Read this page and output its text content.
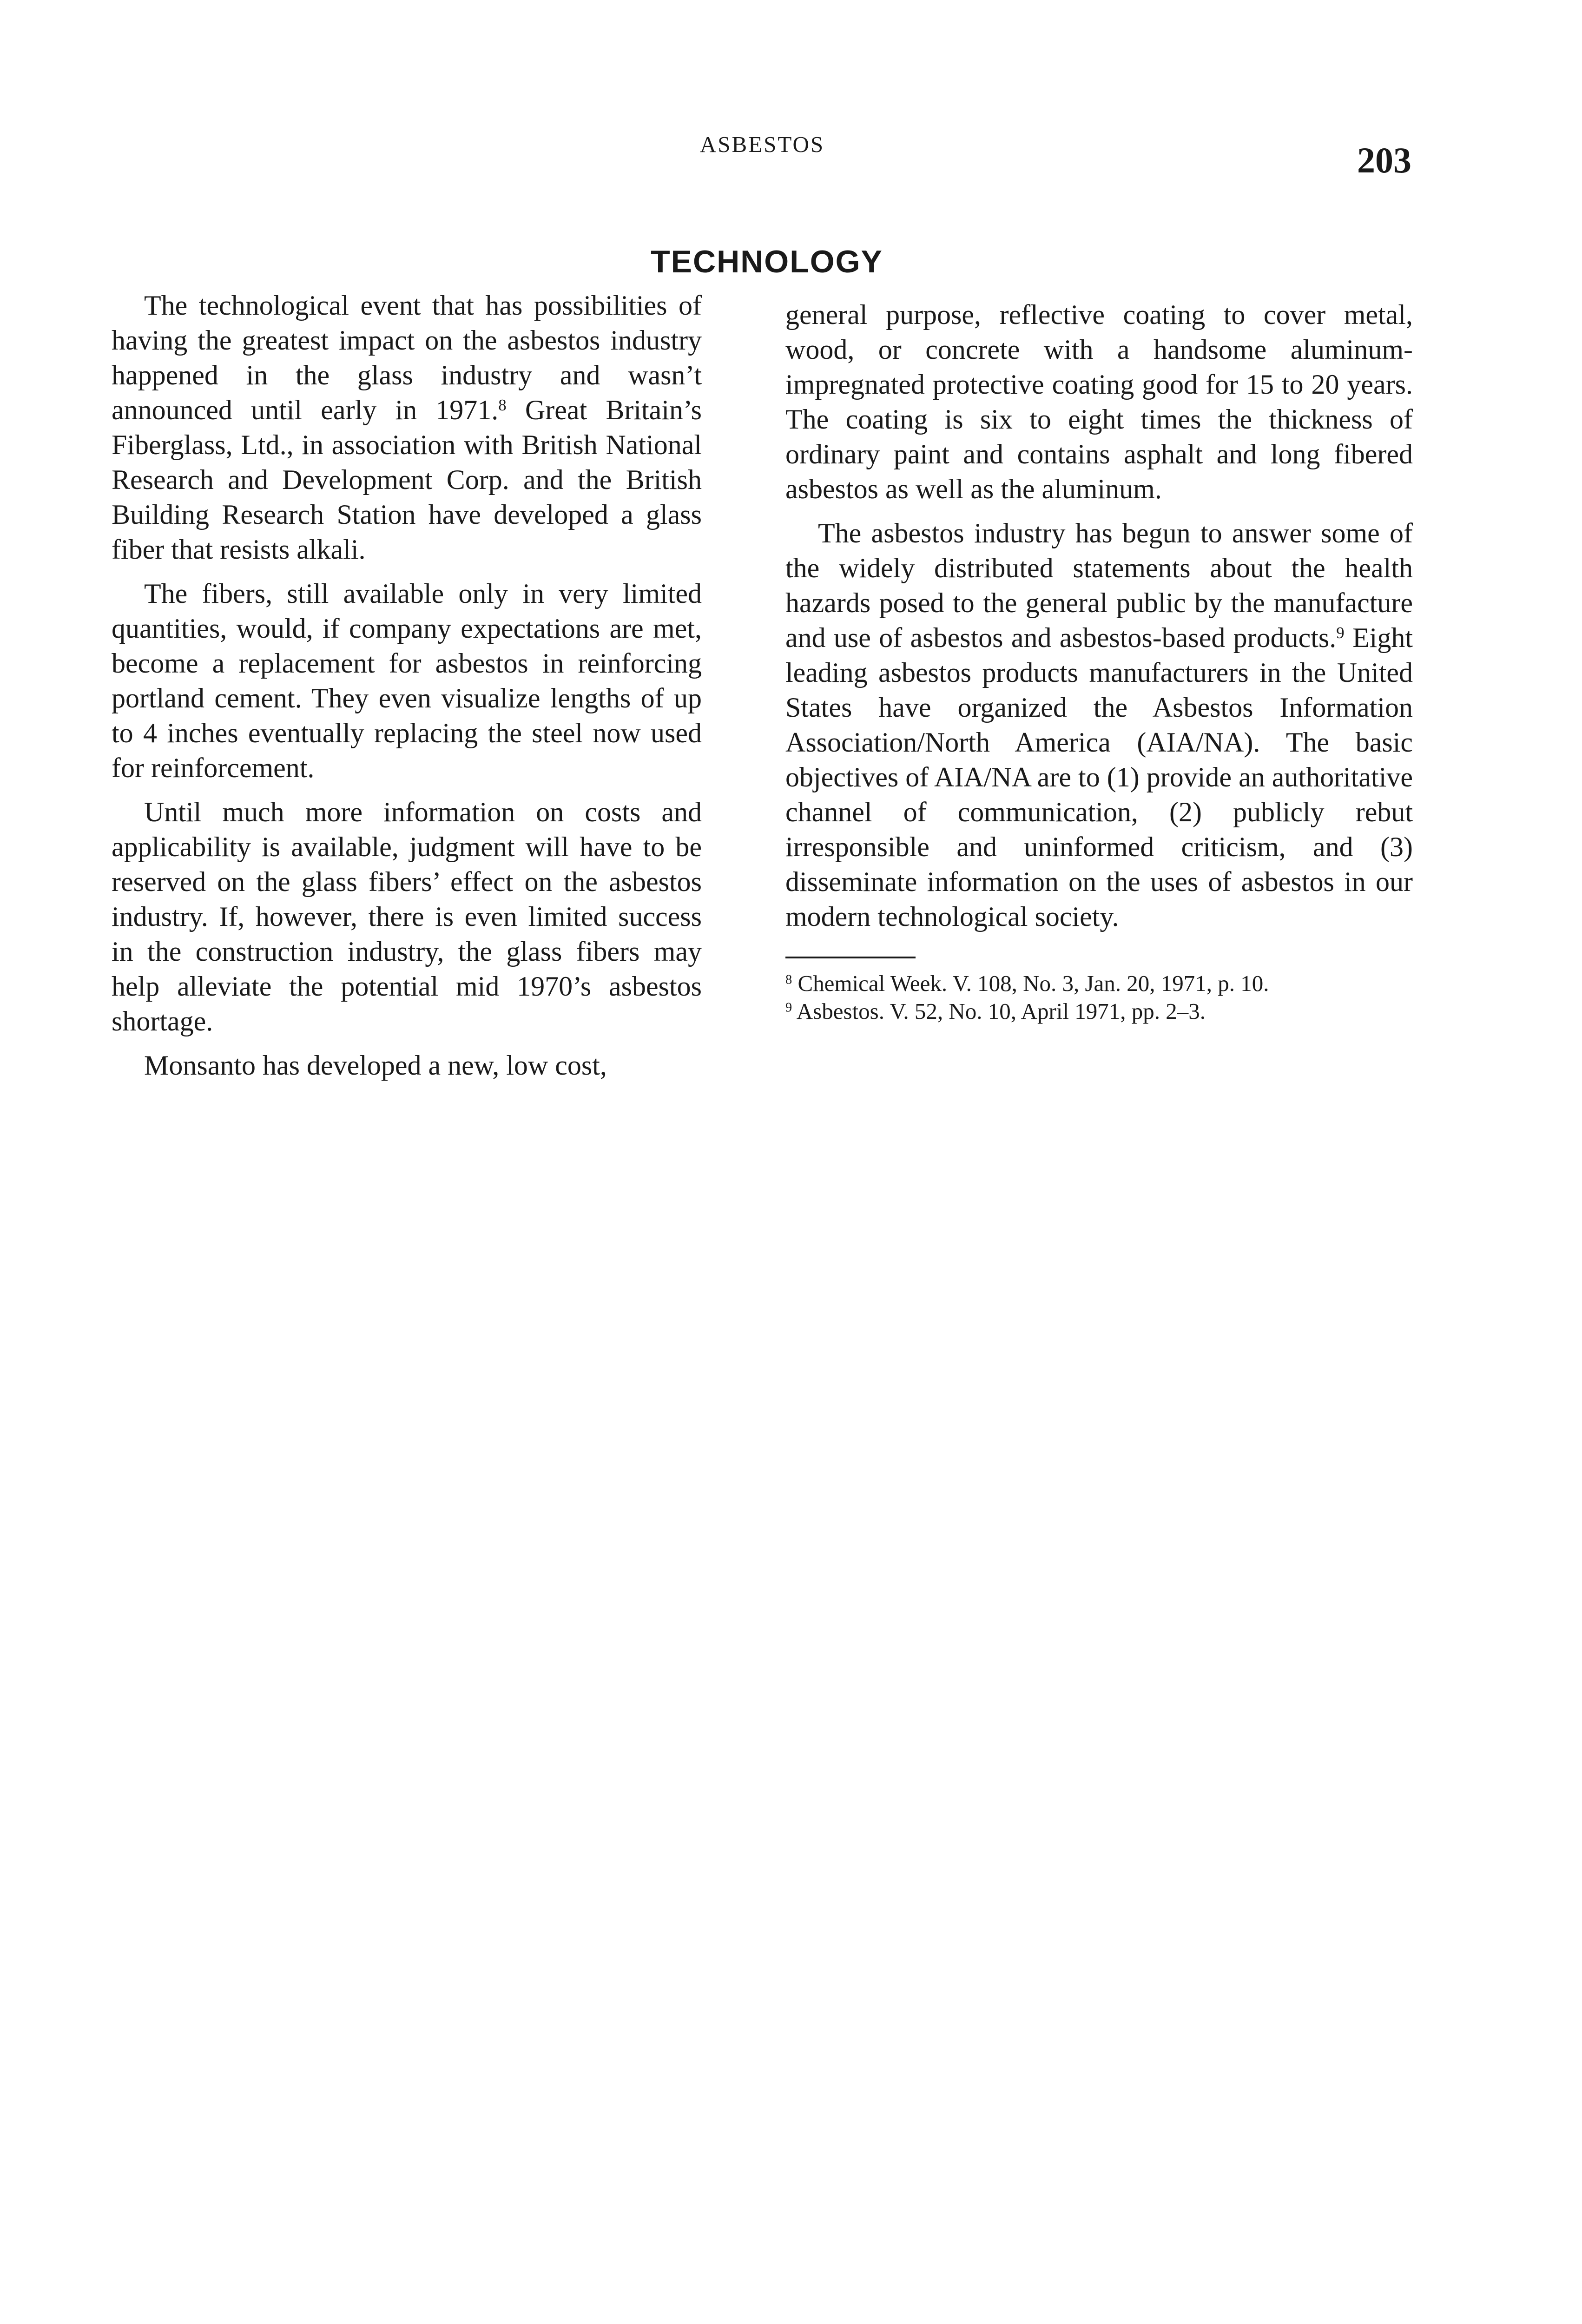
ASBESTOS	203
TECHNOLOGY

The technological event that has possibilities of having the greatest impact on the asbestos industry happened in the glass industry and wasn’t announced until early in 1971.$^8$ Great Britain’s Fiberglass, Ltd., in association with British National Research and Development Corp. and the British Building Research Station have developed a glass fiber that resists alkali.

The fibers, still available only in very limited quantities, would, if company expectations are met, become a replacement for asbestos in reinforcing portland cement. They even visualize lengths of up to 4 inches eventually replacing the steel now used for reinforcement.

Until much more information on costs and applicability is available, judgment will have to be reserved on the glass fibers’ effect on the asbestos industry. If, however, there is even limited success in the construction industry, the glass fibers may help alleviate the potential mid 1970’s asbestos shortage.

Monsanto has developed a new, low cost,

general purpose, reflective coating to cover metal, wood, or concrete with a handsome aluminum-impregnated protective coating good for 15 to 20 years. The coating is six to eight times the thickness of ordinary paint and contains asphalt and long fibered asbestos as well as the aluminum.

The asbestos industry has begun to answer some of the widely distributed statements about the health hazards posed to the general public by the manufacture and use of asbestos and asbestos-based products.$^9$ Eight leading asbestos products manufacturers in the United States have organized the Asbestos Information Association/North America (AIA/NA). The basic objectives of AIA/NA are to (1) provide an authoritative channel of communication, (2) publicly rebut irresponsible and uninformed criticism, and (3) disseminate information on the uses of asbestos in our modern technological society.

$^8$ Chemical Week. V. 108, No. 3, Jan. 20, 1971, p. 10.
$^9$ Asbestos. V. 52, No. 10, April 1971, pp. 2–3.
